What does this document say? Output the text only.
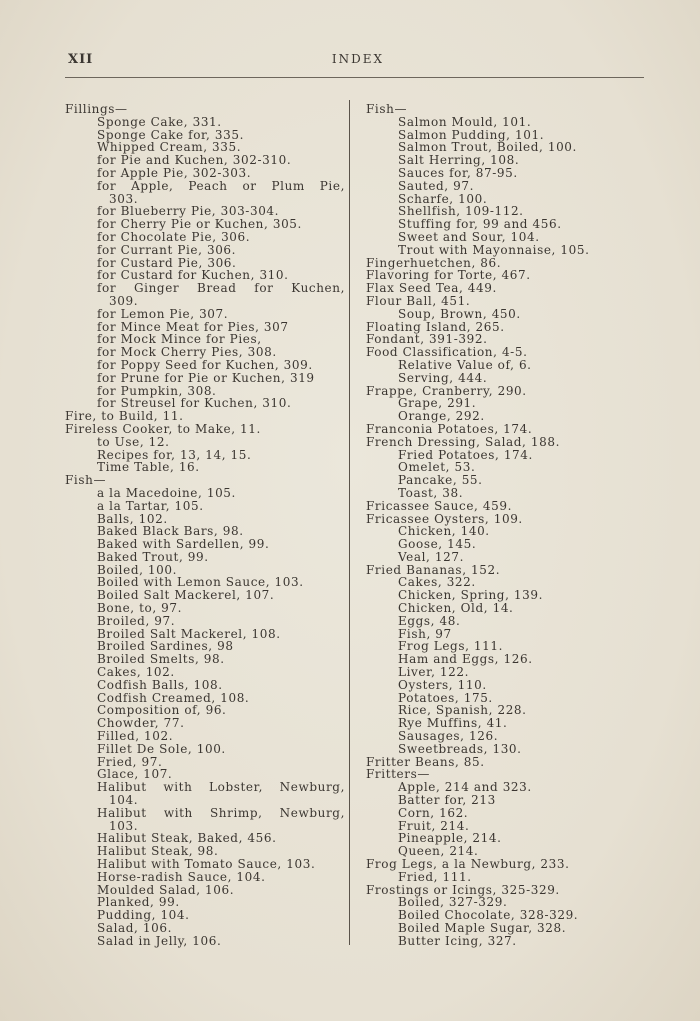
XII	INDEX
Fillings—
Sponge Cake, 331.
Sponge Cake for, 335.
Whipped Cream, 335.
for Pie and Kuchen, 302-310.
for Apple Pie, 302-303.
for Apple, Peach or Plum Pie,
303.
for Blueberry Pie, 303-304.
for Cherry Pie or Kuchen, 305.
for Chocolate Pie, 306.
for Currant Pie, 306.
for Custard Pie, 306.
for Custard for Kuchen, 310.
for Ginger Bread for Kuchen,
309.
for Lemon Pie, 307.
for Mince Meat for Pies, 307
for Mock Mince for Pies,
for Mock Cherry Pies, 308.
for Poppy Seed for Kuchen, 309.
for Prune for Pie or Kuchen, 319
for Pumpkin, 308.
for Streusel for Kuchen, 310.
Fire, to Build, 11.
Fireless Cooker, to Make, 11.
to Use, 12.
Recipes for, 13, 14, 15.
Time Table, 16.
Fish—
a la Macedoine, 105.
a la Tartar, 105.
Balls, 102.
Baked Black Bars, 98.
Baked with Sardellen, 99.
Baked Trout, 99.
Boiled, 100.
Boiled with Lemon Sauce, 103.
Boiled Salt Mackerel, 107.
Bone, to, 97.
Broiled, 97.
Broiled Salt Mackerel, 108.
Broiled Sardines, 98
Broiled Smelts, 98.
Cakes, 102.
Codfish Balls, 108.
Codfish Creamed, 108.
Composition of, 96.
Chowder, 77.
Filled, 102.
Fillet De Sole, 100.
Fried, 97.
Glace, 107.
Halibut with Lobster, Newburg,
104.
Halibut with Shrimp, Newburg,
103.
Halibut Steak, Baked, 456.
Halibut Steak, 98.
Halibut with Tomato Sauce, 103.
Horse-radish Sauce, 104.
Moulded Salad, 106.
Planked, 99.
Pudding, 104.
Salad, 106.
Salad in Jelly, 106.
Fish—
Salmon Mould, 101.
Salmon Pudding, 101.
Salmon Trout, Boiled, 100.
Salt Herring, 108.
Sauces for, 87-95.
Sauted, 97.
Scharfe, 100.
Shellfish, 109-112.
Stuffing for, 99 and 456.
Sweet and Sour, 104.
Trout with Mayonnaise, 105.
Fingerhuetchen, 86.
Flavoring for Torte, 467.
Flax Seed Tea, 449.
Flour Ball, 451.
Soup, Brown, 450.
Floating Island, 265.
Fondant, 391-392.
Food Classification, 4-5.
Relative Value of, 6.
Serving, 444.
Frappe, Cranberry, 290.
Grape, 291.
Orange, 292.
Franconia Potatoes, 174.
French Dressing, Salad, 188.
Fried Potatoes, 174.
Omelet, 53.
Pancake, 55.
Toast, 38.
Fricassee Sauce, 459.
Fricassee Oysters, 109.
Chicken, 140.
Goose, 145.
Veal, 127.
Fried Bananas, 152.
Cakes, 322.
Chicken, Spring, 139.
Chicken, Old, 14.
Eggs, 48.
Fish, 97
Frog Legs, 111.
Ham and Eggs, 126.
Liver, 122.
Oysters, 110.
Potatoes, 175.
Rice, Spanish, 228.
Rye Muffins, 41.
Sausages, 126.
Sweetbreads, 130.
Fritter Beans, 85.
Fritters—
Apple, 214 and 323.
Batter for, 213
Corn, 162.
Fruit, 214.
Pineapple, 214.
Queen, 214.
Frog Legs, a la Newburg, 233.
Fried, 111.
Frostings or Icings, 325-329.
Boiled, 327-329.
Boiled Chocolate, 328-329.
Boiled Maple Sugar, 328.
Butter Icing, 327.
